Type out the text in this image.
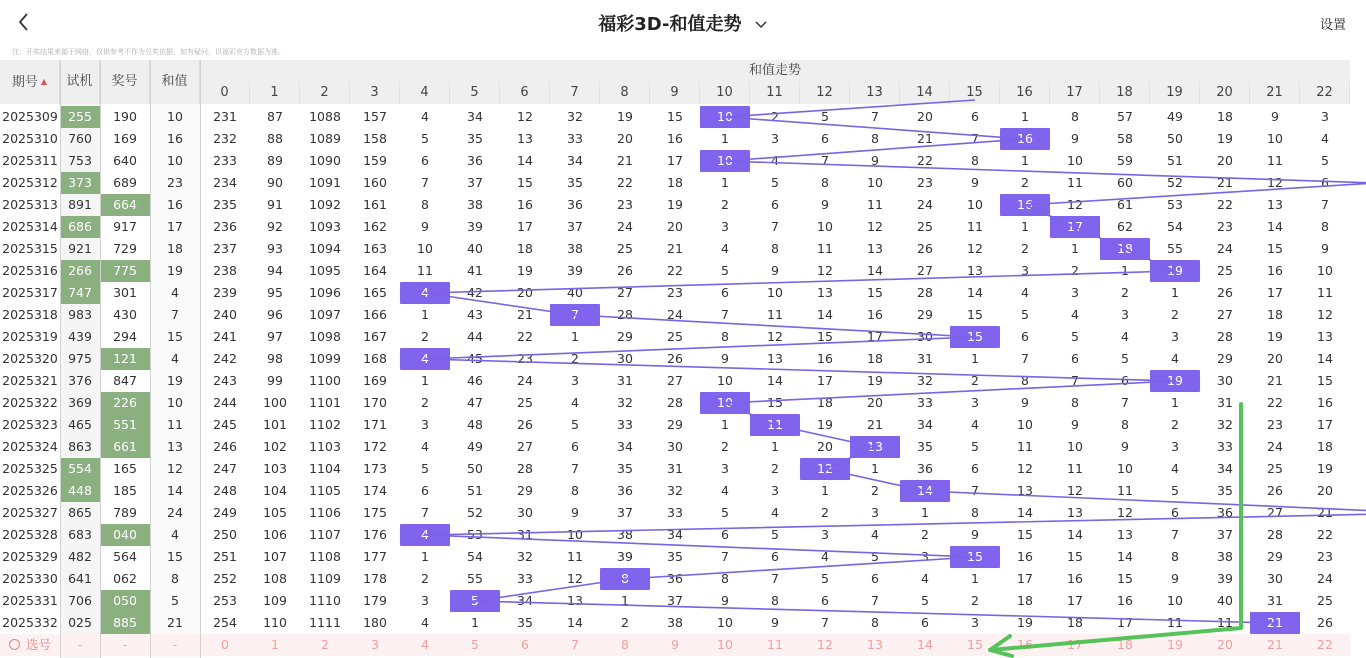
福彩3D-和值走势	设置
注：开奖结果来源于网络，仅供参考不作为兑奖依据，如有疑问，以福彩官方数据为准。
期号 ▲	试机	奖号	和值
和值走势
0	1	2	3	4	5	6	7	8	9	10	11	12	13	14	15	16	17	18	19	20	21	22
2025309 255	190	10	231	87	1088	157	4	34	12	32	19	15	10	2	5	7	20	6	1	8	57	49	18	9	3
2025310 760	169	16	232	88	1089	158	5	35	13	33	20	16	1	3	6	8	21	7	16	9	58	50	19	10	4
2025311 753	640	10	233	89	1090	159	6	36	14	34	21	17	10	4	7	9	22	8	1	10	59	51	20	11	5
2025312 373	689	23	234	90	1091	160	7	37	15	35	22	18	1	5	8	10	23	9	2	11	60	52	21	12	6
2025313 891	664	16	235	91	1092	161	8	38	16	36	23	19	2	6	9	11	24	10	16	12	61	53	22	13	7
2025314 686	917	17	236	92	1093	162	9	39	17	37	24	20	3	7	10	12	25	11	1	17	62	54	23	14	8
2025315 921	729	18	237	93	1094	163	10	40	18	38	25	21	4	8	11	13	26	12	2	1	18	55	24	15	9
2025316 266	775	19	238	94	1095	164	11	41	19	39	26	22	5	9	12	14	27	13	3	2	1	19	25	16	10
2025317 747	301	4	239	95	1096	165	4	42	20	40	27	23	6	10	13	15	28	14	4	3	2	1	26	17	11
2025318 983	430	7	240	96	1097	166	1	43	21	7	28	24	7	11	14	16	29	15	5	4	3	2	27	18	12
2025319 439	294	15	241	97	1098	167	2	44	22	1	29	25	8	12	15	17	30	15	6	5	4	3	28	19	13
2025320 975	121	4	242	98	1099	168	4	45	23	2	30	26	9	13	16	18	31	1	7	6	5	4	29	20	14
2025321 376	847	19	243	99	1100	169	1	46	24	3	31	27	10	14	17	19	32	2	8	7	6	19	30	21	15
2025322 369	226	10	244	100	1101	170	2	47	25	4	32	28	10	15	18	20	33	3	9	8	7	1	31	22	16
2025323 465	551	11	245	101	1102	171	3	48	26	5	33	29	1	11	19	21	34	4	10	9	8	2	32	23	17
2025324 863	661	13	246	102	1103	172	4	49	27	6	34	30	2	1	20	13	35	5	11	10	9	3	33	24	18
2025325 554	165	12	247	103	1104	173	5	50	28	7	35	31	3	2	12	1	36	6	12	11	10	4	34	25	19
2025326 448	185	14	248	104	1105	174	6	51	29	8	36	32	4	3	1	2	14	7	13	12	11	5	35	26	20
2025327 865	789	24	249	105	1106	175	7	52	30	9	37	33	5	4	2	3	1	8	14	13	12	6	36	27	21
2025328 683	040	4	250	106	1107	176	4	53	31	10	38	34	6	5	3	4	2	9	15	14	13	7	37	28	22
2025329 482	564	15	251	107	1108	177	1	54	32	11	39	35	7	6	4	5	3	15	16	15	14	8	38	29	23
2025330 641	062	8	252	108	1109	178	2	55	33	12	8	36	8	7	5	6	4	1	17	16	15	9	39	30	24
2025331 706	050	5	253	109	1110	179	3	5	34	13	1	37	9	8	6	7	5	2	18	17	16	10	40	31	25
2025332 025	885	21	254	110	1111	180	4	1	35	14	2	38	10	9	7	8	6	3	19	18	17	11	11	21	26
选号	-	-	-	0	1	2	3	4	5	6	7	8	9	10	11	12	13	14	15	16	17	18	19	20	21	22
